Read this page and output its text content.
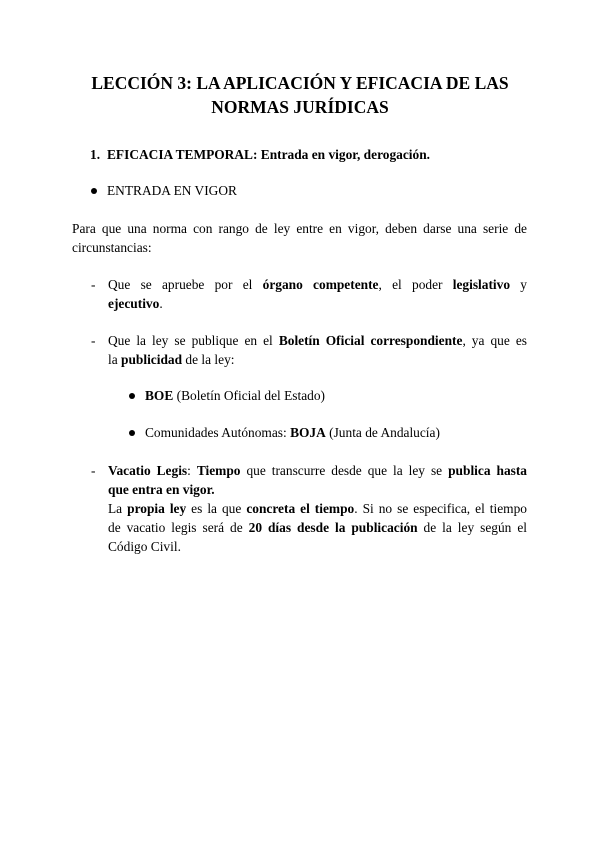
LECCIÓN 3: LA APLICACIÓN Y EFICACIA DE LAS
NORMAS JURÍDICAS
1. EFICACIA TEMPORAL: Entrada en vigor, derogación.
ENTRADA EN VIGOR
Para que una norma con rango de ley entre en vigor, deben darse una serie de
circunstancias:
- Que se apruebe por el órgano competente, el poder legislativo y
ejecutivo.
- Que la ley se publique en el Boletín Oficial correspondiente, ya que es
la publicidad de la ley:
BOE (Boletín Oficial del Estado)
Comunidades Autónomas: BOJA (Junta de Andalucía)
- Vacatio Legis: Tiempo que transcurre desde que la ley se publica hasta
que entra en vigor.
La propia ley es la que concreta el tiempo. Si no se especifica, el tiempo
de vacatio legis será de 20 días desde la publicación de la ley según el
Código Civil.
